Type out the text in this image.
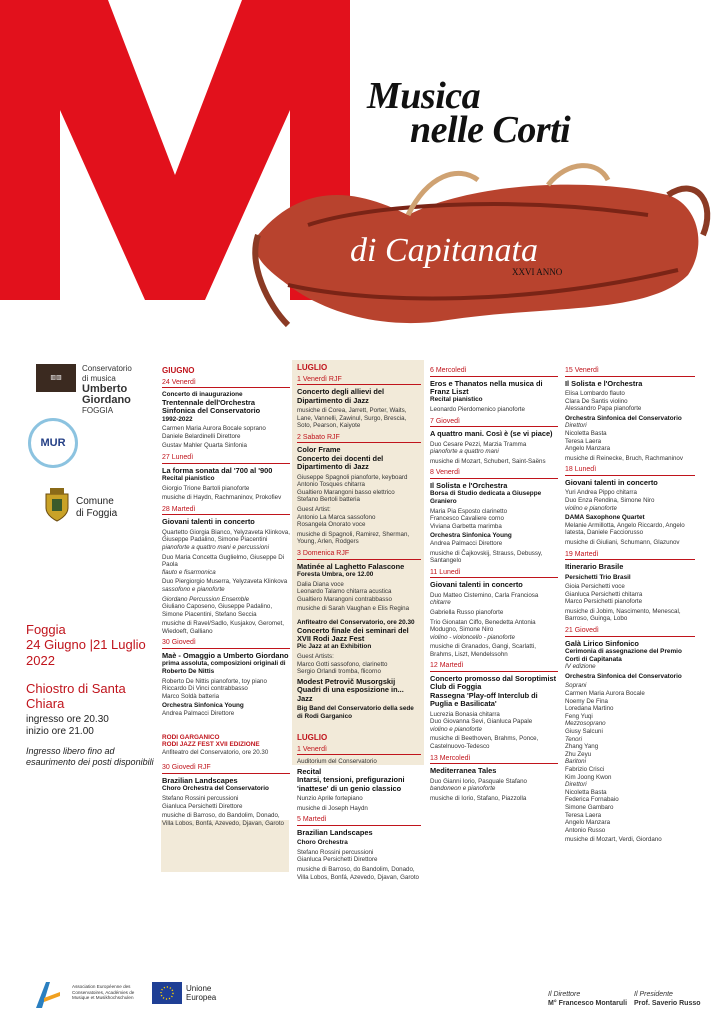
Musica
nelle Corti
di Capitanata
XXVI ANNO
▥▥
Conservatorio
di musica
Umberto
Giordano
FOGGIA
MUR
Comune
di Foggia
Foggia
24 Giugno |21 Luglio 2022
Chiostro di Santa Chiara
ingresso ore 20.30
inizio ore 21.00
Ingresso libero fino ad esaurimento dei posti disponibili
GIUGNO
24 Venerdì
Concerto di inaugurazione
Trentennale dell'Orchestra Sinfonica del Conservatorio
1992-2022
Carmen Maria Aurora Bocale soprano
Daniele Belardinelli Direttore
Gustav Mahler Quarta Sinfonia
27 Lunedì
La forma sonata dal '700 al '900
Recital pianistico
Giorgio Trione Bartoli pianoforte
musiche di Haydn, Rachmaninov, Prokofiev
28 Martedì
Giovani talenti in concerto
Quartetto Giorgia Bianco, Yelyzaveta Klinkova, Giuseppe Padalino, Simone Piacentini
pianoforte a quattro mani e percussioni
Duo Maria Concetta Guglielmo, Giuseppe Di Paola
flauto e fisarmonica
Duo Piergiorgio Muserra, Yelyzaveta Klinkova
sassofono e pianoforte
Giordano Percussion Ensemble
Giuliano Caposeno, Giuseppe Padalino, Simone Piacentini, Stefano Seccia
musiche di Ravel/Sadlo, Kusjakov, Geromet, Wiedoeft, Galliano
30 Giovedì
Maè - Omaggio a Umberto Giordano
prima assoluta, composizioni originali di Roberto De Nittis
Roberto De Nittis pianoforte, toy piano
Riccardo Di Vinci contrabbasso
Marco Soldà batteria
Orchestra Sinfonica Young
Andrea Palmacci Direttore
RODI GARGANICO
RODI JAZZ FEST XVII EDIZIONE
Anfiteatro del Conservatorio, ore 20.30
30 Giovedì RJF
Brazilian Landscapes
Choro Orchestra del Conservatorio
Stefano Rossini percussioni
Gianluca Persichetti Direttore
musiche di Barroso, do Bandolim, Donado, Villa Lobos, Bonfá, Azevedo, Djavan, Garoto
LUGLIO
1 Venerdì RJF
Concerto degli allievi del Dipartimento di Jazz
musiche di Corea, Jarrett, Porter, Waits, Lane, Vannelli, Zawinul, Surgo, Brescia, Soto, Pearson, Kaiyote
2 Sabato RJF
Color Frame
Concerto dei docenti del Dipartimento di Jazz
Giuseppe Spagnoli pianoforte, keyboard
Antonio Tosques chitarra
Gualtiero Marangoni basso elettrico
Stefano Bertoli batteria
Guest Artist:
Antonio La Marca sassofono
Rosangela Onorato voce
musiche di Spagnoli, Ramirez, Sherman, Young, Arlen, Rodgers
3 Domenica RJF
Matinée al Laghetto Falascone
Foresta Umbra, ore 12.00
Dalia Diana voce
Leonardo Talamo chitarra acustica
Gualtiero Marangoni contrabbasso
musiche di Sarah Vaughan e Elis Regina
Anfiteatro del Conservatorio, ore 20.30
Concerto finale dei seminari del XVII Rodi Jazz Fest
Pic Jazz at an Exhibition
Guest Artists:
Marco Gotti sassofono, clarinetto
Sergio Orlandi tromba, flicorno
Modest Petrovič Musorgskij Quadri di una esposizione in... Jazz
Big Band del Conservatorio della sede di Rodi Garganico
LUGLIO
1 Venerdì
Auditorium del Conservatorio
Recital
Intarsi, tensioni, prefigurazioni 'inattese' di un genio classico
Nunzio Aprile fortepiano
musiche di Joseph Haydn
5 Martedì
Brazilian Landscapes
Choro Orchestra
Stefano Rossini percussioni
Gianluca Persichetti Direttore
musiche di Barroso, do Bandolim, Donado, Villa Lobos, Bonfá, Azevedo, Djavan, Garoto
6 Mercoledì
Eros e Thanatos nella musica di Franz Liszt
Recital pianistico
Leonardo Pierdomenico pianoforte
7 Giovedì
A quattro mani. Così è (se vi piace)
Duo Cesare Pezzi, Marzia Tramma
pianoforte a quattro mani
musiche di Mozart, Schubert, Saint-Saëns
8 Venerdì
Il Solista e l'Orchestra
Borsa di Studio dedicata a Giuseppe Graniero
Maria Pia Esposto clarinetto
Francesco Cavaliere corno
Viviana Garbetta marimba
Orchestra Sinfonica Young
Andrea Palmacci Direttore
musiche di Čajkovskij, Strauss, Debussy, Santangelo
11 Lunedì
Giovani talenti in concerto
Duo Matteo Cistemino, Carla Franciosa
chitarre
Gabriella Russo pianoforte
Trio Gionatan Ciffo, Benedetta Antonia Modugno, Simone Niro
violino - violoncello - pianoforte
musiche di Granados, Gangi, Scarlatti, Brahms, Liszt, Mendelssohn
12 Martedì
Concerto promosso dal Soroptimist Club di Foggia
Rassegna 'Play-off Interclub di Puglia e Basilicata'
Lucrezia Bonasia chitarra
Duo Giovanna Sevi, Gianluca Papale
violino e pianoforte
musiche di Beethoven, Brahms, Ponce, Castelnuovo-Tedesco
13 Mercoledì
Mediterranea Tales
Duo Gianni Iorio, Pasquale Stafano
bandoneon e pianoforte
musiche di Iorio, Stafano, Piazzolla
15 Venerdì
Il Solista e l'Orchestra
Elisa Lombardo flauto
Clara De Santis violino
Alessandro Papa pianoforte
Orchestra Sinfonica del Conservatorio
Direttori
Nicoletta Basta
Teresa Laera
Angelo Manzara
musiche di Reinecke, Bruch, Rachmaninov
18 Lunedì
Giovani talenti in concerto
Yuri Andrea Pippo chitarra
Duo Enza Rendina, Simone Niro
violino e pianoforte
DAMA Saxophone Quartet
Melanie Armillotta, Angelo Riccardo, Angelo Iatesta, Daniele Facciorusso
musiche di Giuliani, Schumann, Glazunov
19 Martedì
Itinerario Brasile
Persichetti Trio Brasil
Gioia Persichetti voce
Gianluca Persichetti chitarra
Marco Persichetti pianoforte
musiche di Jobim, Nascimento, Menescal, Barroso, Guinga, Lobo
21 Giovedì
Galà Lirico Sinfonico
Cerimonia di assegnazione del Premio Corti di Capitanata
IV edizione
Orchestra Sinfonica del Conservatorio
Soprani
Carmen Maria Aurora Bocale
Noemy De Fina
Loredana Martino
Feng Yuqi
Mezzosoprano
Giusy Salcuni
Tenori
Zhang Yang
Zhu Zeyu
Baritoni
Fabrizio Crisci
Kim Joong Kwon
Direttori
Nicoletta Basta
Federica Fornabaio
Simone Gambaro
Teresa Laera
Angelo Manzara
Antonio Russo
musiche di Mozart, Verdi, Giordano
Association Européenne des Conservatoires, Académies de Musique et Musikhochschulen
Unione
Europea	Il Direttore
M° Francesco Montaruli
Il Presidente
Prof. Saverio Russo
